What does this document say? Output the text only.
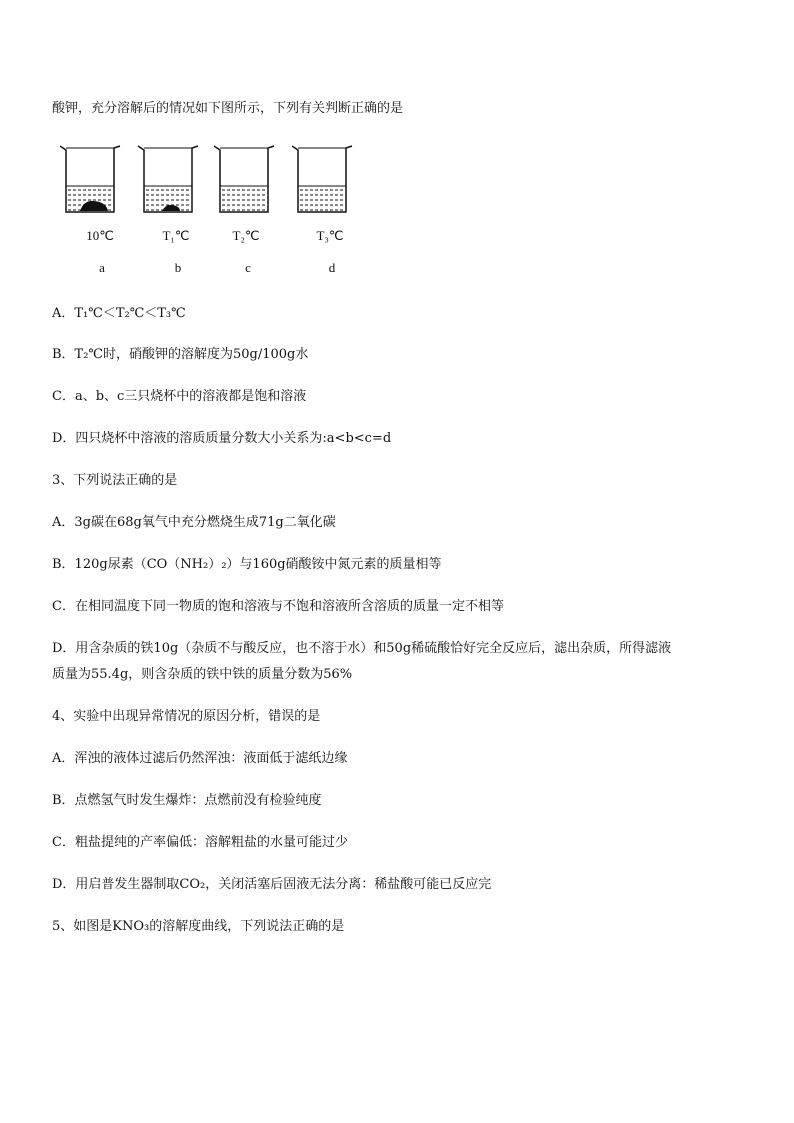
酸钾，充分溶解后的情况如下图所示，下列有关判断正确的是
10℃	T₁℃	T₂℃	T₃℃
a	b	c	d
A．T₁℃＜T₂℃＜T₃℃
B．T₂℃时，硝酸钾的溶解度为50g/100g水
C．a、b、c三只烧杯中的溶液都是饱和溶液
D．四只烧杯中溶液的溶质质量分数大小关系为:a<b<c=d
3、下列说法正确的是
A．3g碳在68g氧气中充分燃烧生成71g二氧化碳
B．120g尿素（CO（NH₂）₂）与160g硝酸铵中氮元素的质量相等
C．在相同温度下同一物质的饱和溶液与不饱和溶液所含溶质的质量一定不相等
D．用含杂质的铁10g（杂质不与酸反应，也不溶于水）和50g稀硫酸恰好完全反应后，滤出杂质，所得滤液
质量为55.4g，则含杂质的铁中铁的质量分数为56%
4、实验中出现异常情况的原因分析，错误的是
A．浑浊的液体过滤后仍然浑浊：液面低于滤纸边缘
B．点燃氢气时发生爆炸：点燃前没有检验纯度
C．粗盐提纯的产率偏低：溶解粗盐的水量可能过少
D．用启普发生器制取CO₂，关闭活塞后固液无法分离：稀盐酸可能已反应完
5、如图是KNO₃的溶解度曲线，下列说法正确的是
